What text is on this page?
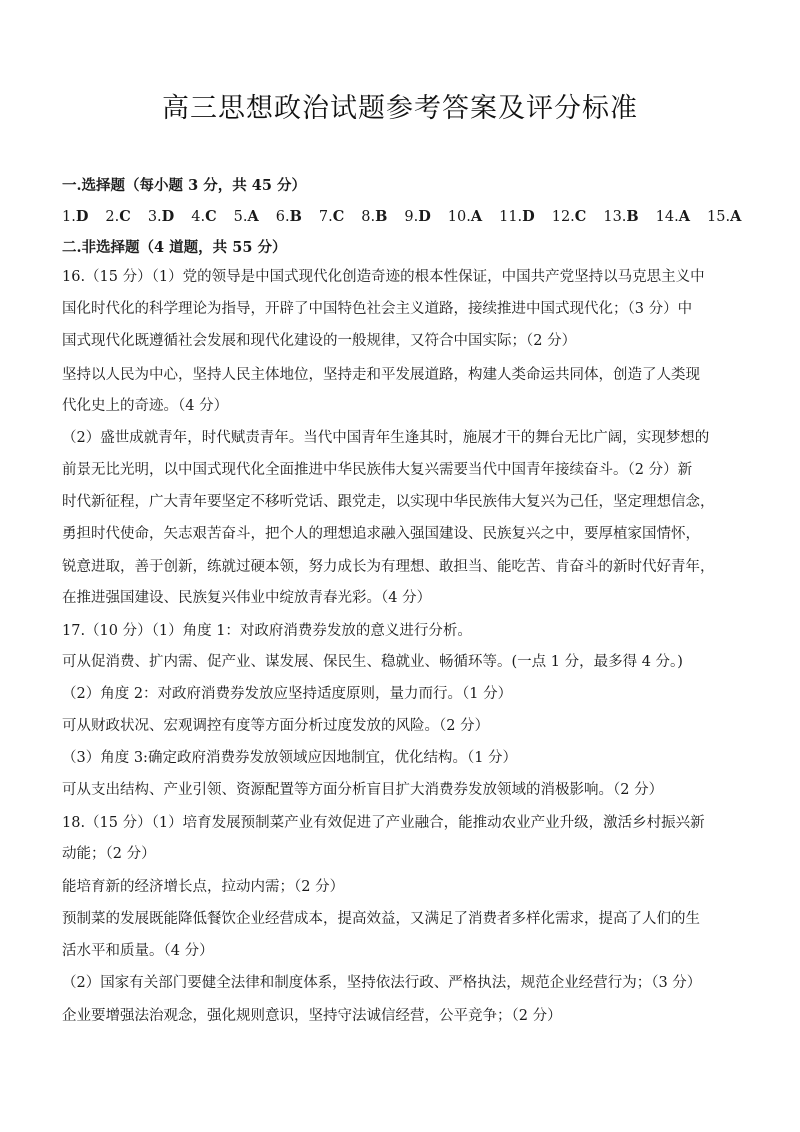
高三思想政治试题参考答案及评分标准
一.选择题（每小题 3 分，共 45 分）
1.D 2.C 3.D 4.C 5.A 6.B 7.C 8.B 9.D 10.A 11.D 12.C 13.B 14.A 15.A
二.非选择题（4 道题，共 55 分）
16.（15 分）（1）党的领导是中国式现代化创造奇迹的根本性保证，中国共产党坚持以马克思主义中
国化时代化的科学理论为指导，开辟了中国特色社会主义道路，接续推进中国式现代化；（3 分）中
国式现代化既遵循社会发展和现代化建设的一般规律，又符合中国实际；（2 分）
坚持以人民为中心，坚持人民主体地位，坚持走和平发展道路，构建人类命运共同体，创造了人类现
代化史上的奇迹。（4 分）
（2）盛世成就青年，时代赋责青年。当代中国青年生逢其时，施展才干的舞台无比广阔，实现梦想的
前景无比光明，以中国式现代化全面推进中华民族伟大复兴需要当代中国青年接续奋斗。（2 分）新
时代新征程，广大青年要坚定不移听党话、跟党走，以实现中华民族伟大复兴为己任，坚定理想信念，
勇担时代使命，矢志艰苦奋斗，把个人的理想追求融入强国建设、民族复兴之中，要厚植家国情怀，
锐意进取，善于创新，练就过硬本领，努力成长为有理想、敢担当、能吃苦、肯奋斗的新时代好青年，
在推进强国建设、民族复兴伟业中绽放青春光彩。（4 分）
17.（10 分）（1）角度 1：对政府消费券发放的意义进行分析。
可从促消费、扩内需、促产业、谋发展、保民生、稳就业、畅循环等。(一点 1 分，最多得 4 分。)
（2）角度 2：对政府消费券发放应坚持适度原则，量力而行。（1 分）
可从财政状况、宏观调控有度等方面分析过度发放的风险。（2 分）
（3）角度 3:确定政府消费券发放领域应因地制宜，优化结构。（1 分）
可从支出结构、产业引领、资源配置等方面分析盲目扩大消费券发放领域的消极影响。（2 分）
18.（15 分）（1）培育发展预制菜产业有效促进了产业融合，能推动农业产业升级，激活乡村振兴新
动能；（2 分）
能培育新的经济增长点，拉动内需；（2 分）
预制菜的发展既能降低餐饮企业经营成本，提高效益，又满足了消费者多样化需求，提高了人们的生
活水平和质量。（4 分）
（2）国家有关部门要健全法律和制度体系，坚持依法行政、严格执法，规范企业经营行为；（3 分）
企业要增强法治观念，强化规则意识，坚持守法诚信经营，公平竞争；（2 分）
